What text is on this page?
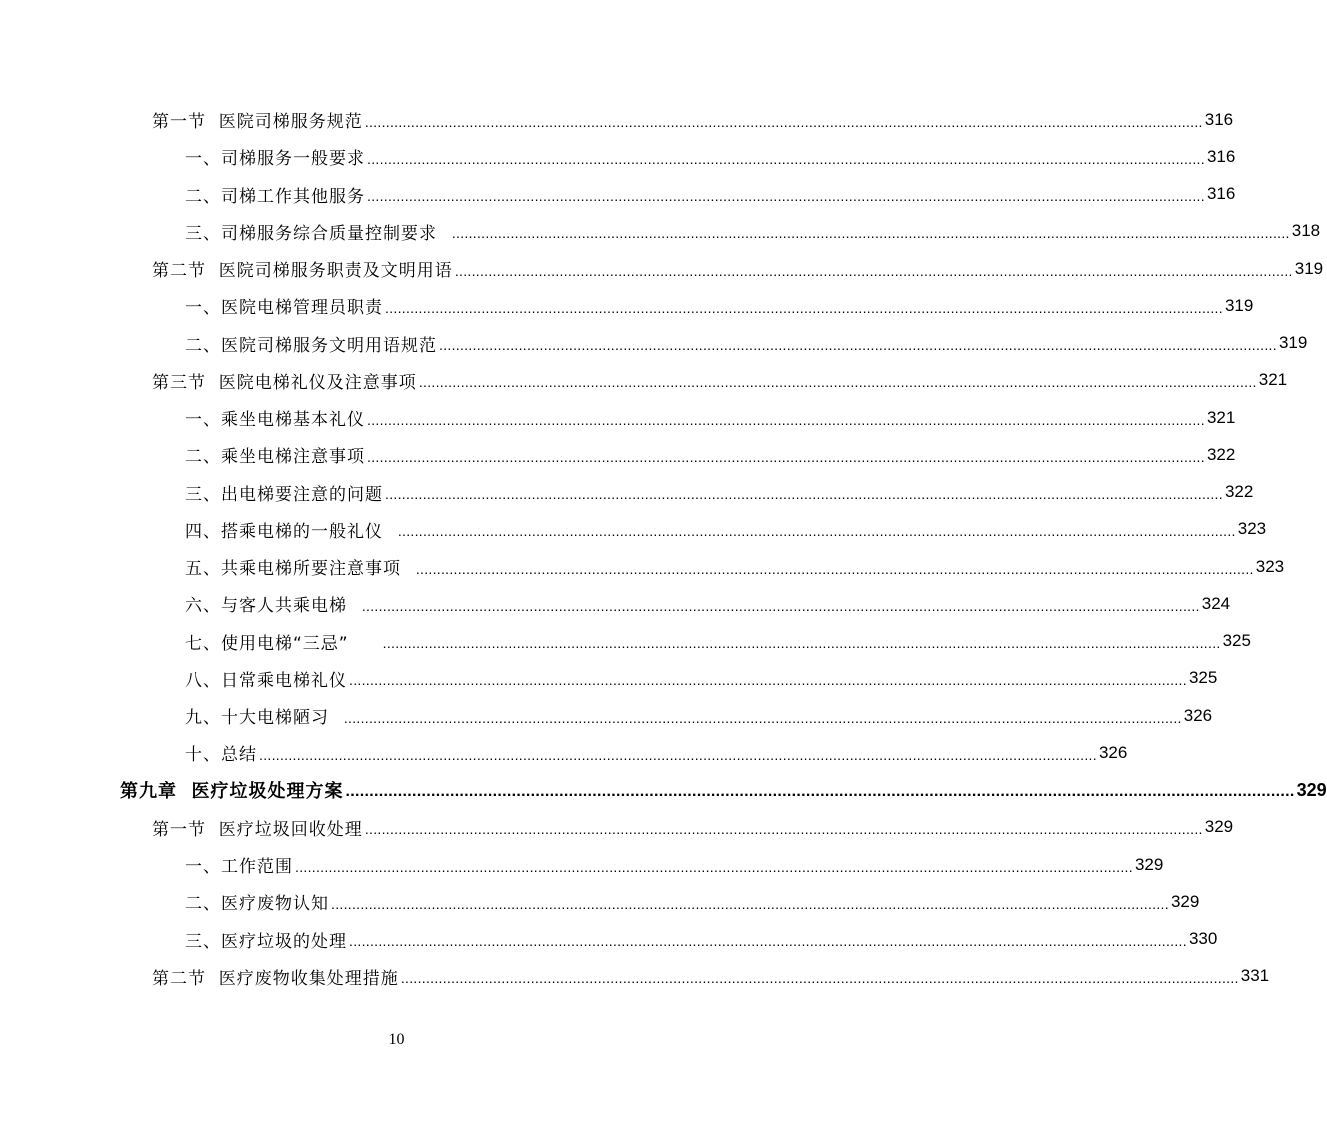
第一节  医院司梯服务规范 ........................................................................................................................................................................................................ 316
一、司梯服务一般要求 ........................................................................................................................................................................................................ 316
二、司梯工作其他服务 ........................................................................................................................................................................................................ 316
三、司梯服务综合质量控制要求 ........................................................................................................................................................................................................ 318
第二节  医院司梯服务职责及文明用语 ........................................................................................................................................................................................................ 319
一、医院电梯管理员职责 ........................................................................................................................................................................................................ 319
二、医院司梯服务文明用语规范 ........................................................................................................................................................................................................ 319
第三节  医院电梯礼仪及注意事项 ........................................................................................................................................................................................................ 321
一、乘坐电梯基本礼仪 ........................................................................................................................................................................................................ 321
二、乘坐电梯注意事项 ........................................................................................................................................................................................................ 322
三、出电梯要注意的问题 ........................................................................................................................................................................................................ 322
四、搭乘电梯的一般礼仪 ........................................................................................................................................................................................................ 323
五、共乘电梯所要注意事项 ........................................................................................................................................................................................................ 323
六、与客人共乘电梯 ........................................................................................................................................................................................................ 324
七、使用电梯“三忌” ........................................................................................................................................................................................................ 325
八、日常乘电梯礼仪 ........................................................................................................................................................................................................ 325
九、十大电梯陋习 ........................................................................................................................................................................................................ 326
十、总结 ........................................................................................................................................................................................................ 326
第九章  医疗垃圾处理方案 ........................................................................................................................................................................................................ 329
第一节  医疗垃圾回收处理 ........................................................................................................................................................................................................ 329
一、工作范围 ........................................................................................................................................................................................................ 329
二、医疗废物认知 ........................................................................................................................................................................................................ 329
三、医疗垃圾的处理 ........................................................................................................................................................................................................ 330
第二节  医疗废物收集处理措施 ........................................................................................................................................................................................................ 331
10
